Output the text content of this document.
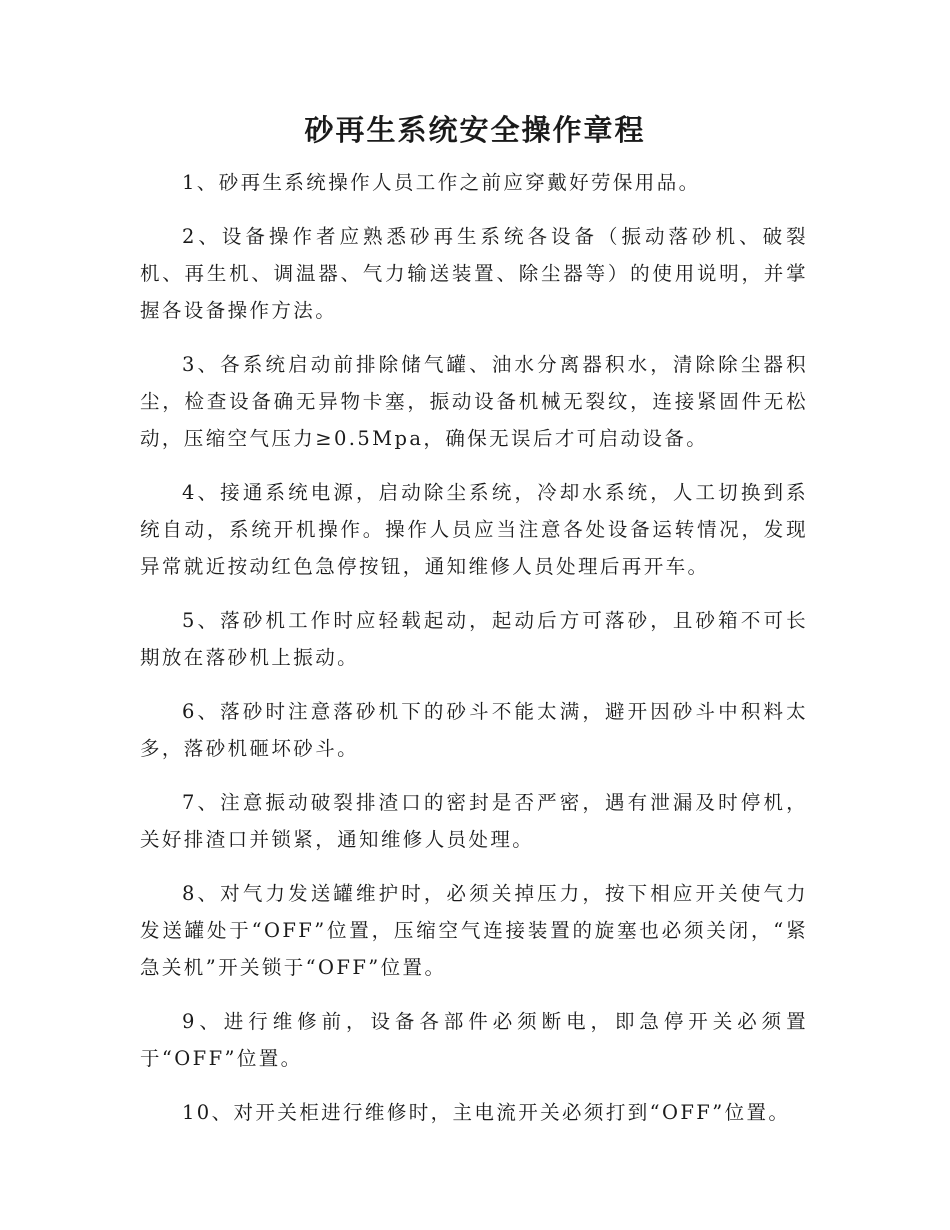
砂再生系统安全操作章程

1、砂再生系统操作人员工作之前应穿戴好劳保用品。

2、设备操作者应熟悉砂再生系统各设备（振动落砂机、破裂机、再生机、调温器、气力输送装置、除尘器等）的使用说明，并掌握各设备操作方法。

3、各系统启动前排除储气罐、油水分离器积水，清除除尘器积尘，检查设备确无异物卡塞，振动设备机械无裂纹，连接紧固件无松动，压缩空气压力≥0.5Mpa，确保无误后才可启动设备。

4、接通系统电源，启动除尘系统，冷却水系统，人工切换到系统自动，系统开机操作。操作人员应当注意各处设备运转情况，发现异常就近按动红色急停按钮，通知维修人员处理后再开车。

5、落砂机工作时应轻载起动，起动后方可落砂，且砂箱不可长期放在落砂机上振动。

6、落砂时注意落砂机下的砂斗不能太满，避开因砂斗中积料太多，落砂机砸坏砂斗。

7、注意振动破裂排渣口的密封是否严密，遇有泄漏及时停机，关好排渣口并锁紧，通知维修人员处理。

8、对气力发送罐维护时，必须关掉压力，按下相应开关使气力发送罐处于“OFF”位置，压缩空气连接装置的旋塞也必须关闭，“紧急关机”开关锁于“OFF”位置。

9、进行维修前，设备各部件必须断电，即急停开关必须置于“OFF”位置。

10、对开关柜进行维修时，主电流开关必须打到“OFF”位置。
